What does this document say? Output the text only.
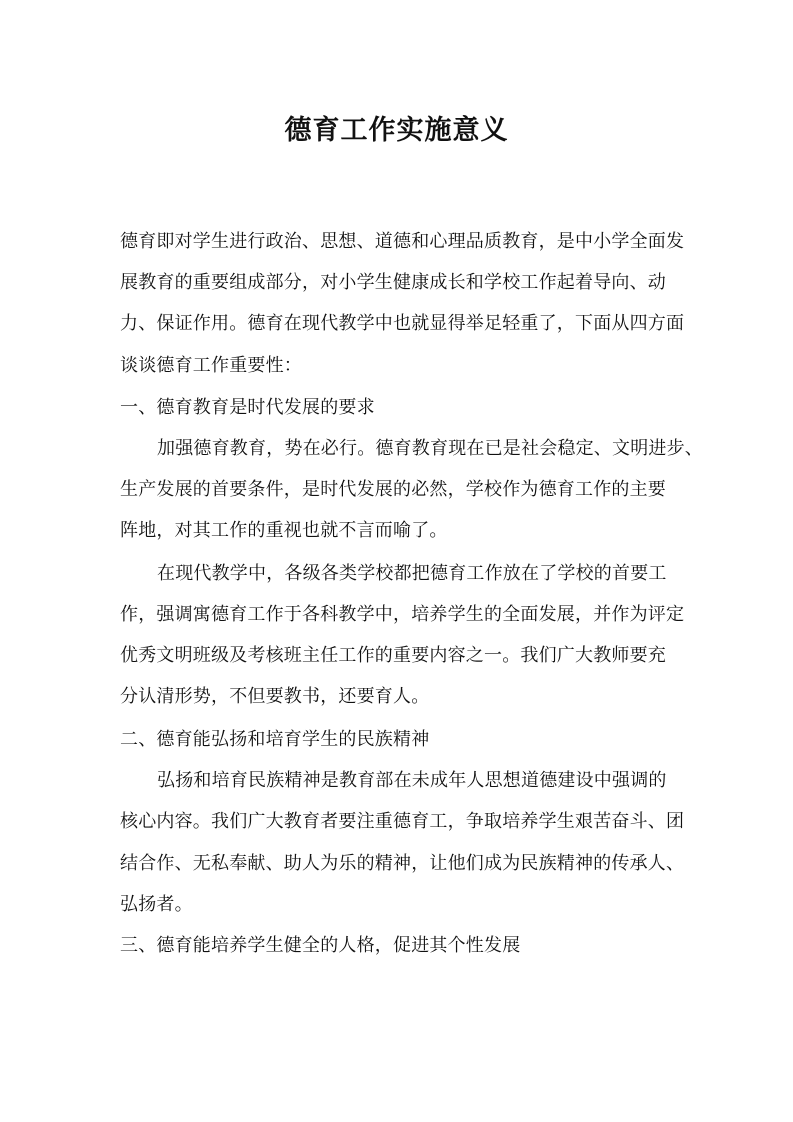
德育工作实施意义
德育即对学生进行政治、思想、道德和心理品质教育，是中小学全面发
展教育的重要组成部分，对小学生健康成长和学校工作起着导向、动
力、保证作用。德育在现代教学中也就显得举足轻重了，下面从四方面
谈谈德育工作重要性：
一、德育教育是时代发展的要求
加强德育教育，势在必行。德育教育现在已是社会稳定、文明进步、
生产发展的首要条件，是时代发展的必然，学校作为德育工作的主要
阵地，对其工作的重视也就不言而喻了。
在现代教学中，各级各类学校都把德育工作放在了学校的首要工
作，强调寓德育工作于各科教学中，培养学生的全面发展，并作为评定
优秀文明班级及考核班主任工作的重要内容之一。我们广大教师要充
分认清形势，不但要教书，还要育人。
二、德育能弘扬和培育学生的民族精神
弘扬和培育民族精神是教育部在未成年人思想道德建设中强调的
核心内容。我们广大教育者要注重德育工，争取培养学生艰苦奋斗、团
结合作、无私奉献、助人为乐的精神，让他们成为民族精神的传承人、
弘扬者。
三、德育能培养学生健全的人格，促进其个性发展
